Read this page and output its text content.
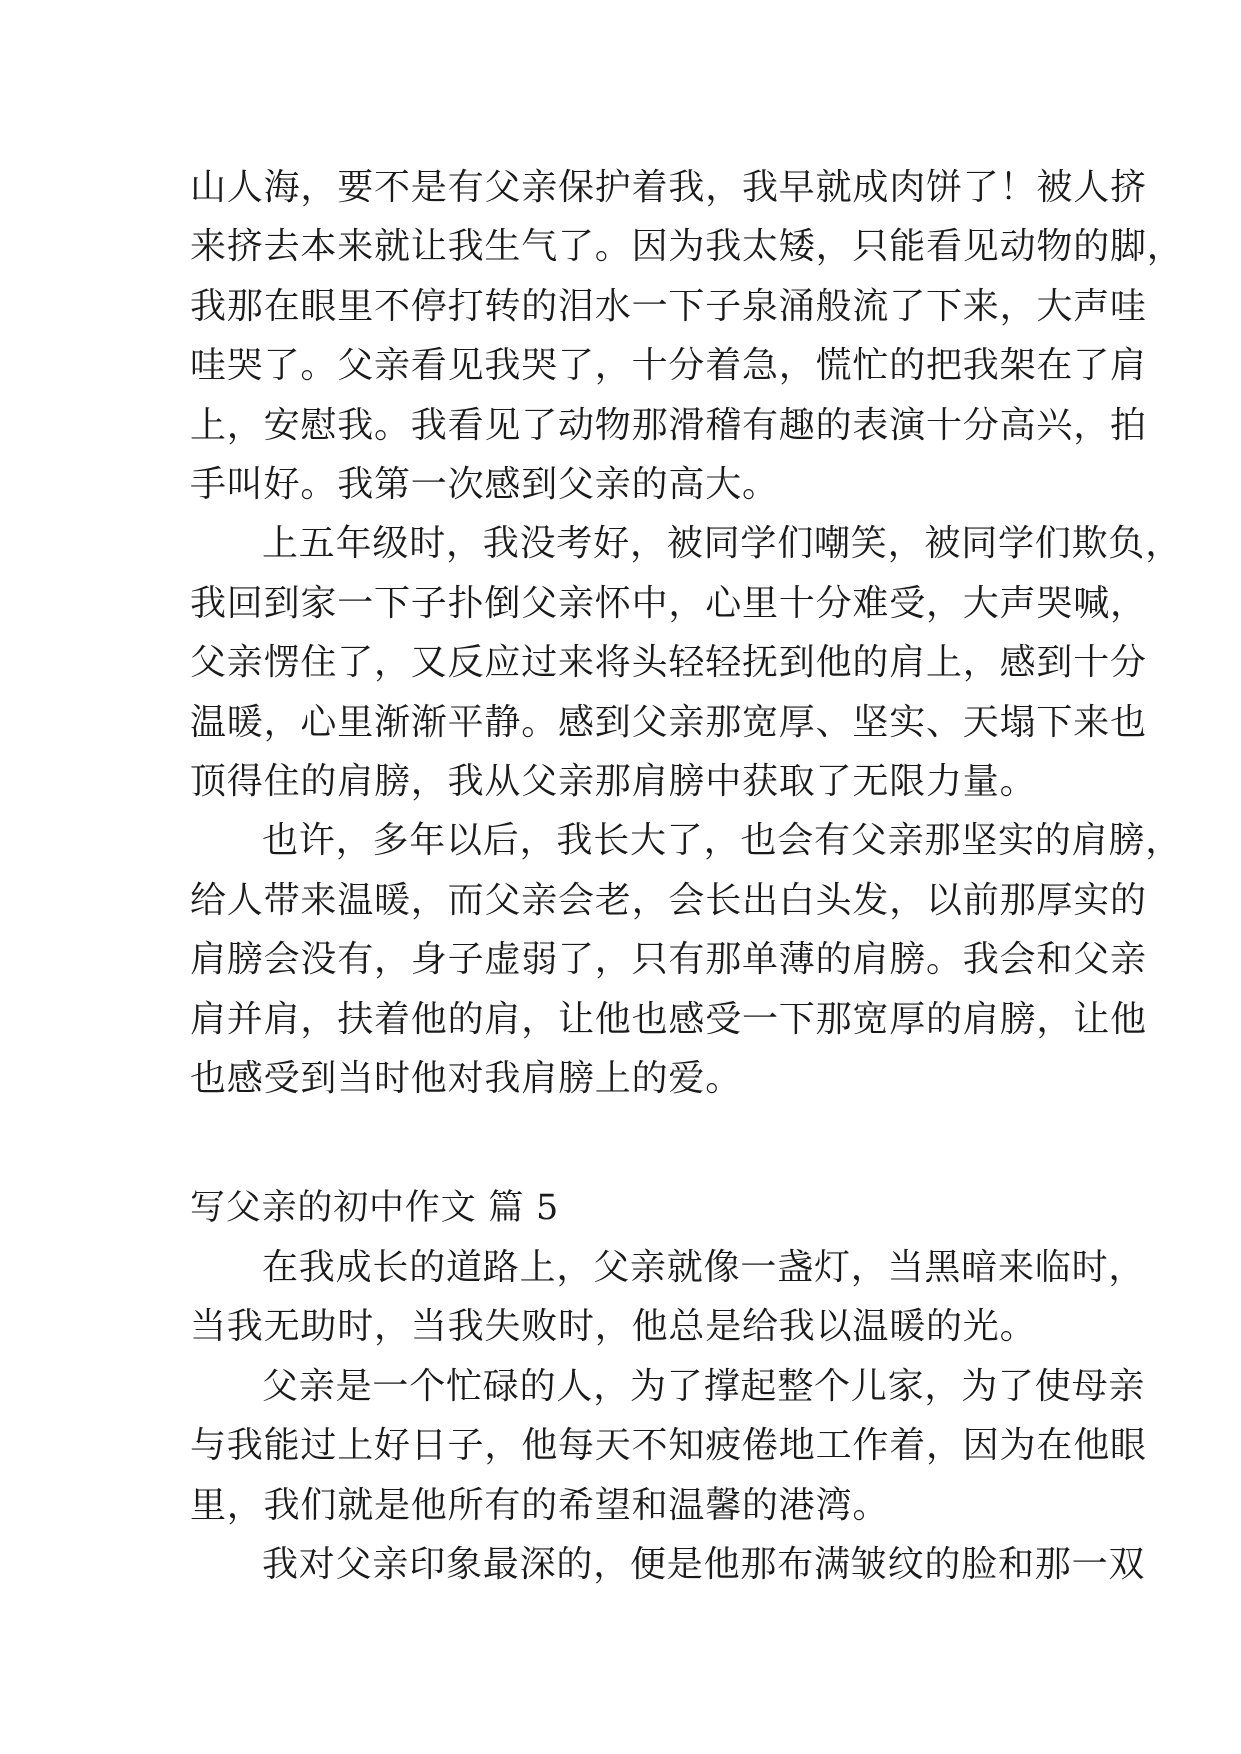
山人海，要不是有父亲保护着我，我早就成肉饼了！被人挤
来挤去本来就让我生气了。因为我太矮，只能看见动物的脚，
我那在眼里不停打转的泪水一下子泉涌般流了下来，大声哇
哇哭了。父亲看见我哭了，十分着急，慌忙的把我架在了肩
上，安慰我。我看见了动物那滑稽有趣的表演十分高兴，拍
手叫好。我第一次感到父亲的高大。
上五年级时，我没考好，被同学们嘲笑，被同学们欺负，
我回到家一下子扑倒父亲怀中，心里十分难受，大声哭喊，
父亲愣住了，又反应过来将头轻轻抚到他的肩上，感到十分
温暖，心里渐渐平静。感到父亲那宽厚、坚实、天塌下来也
顶得住的肩膀，我从父亲那肩膀中获取了无限力量。
也许，多年以后，我长大了，也会有父亲那坚实的肩膀，
给人带来温暖，而父亲会老，会长出白头发，以前那厚实的
肩膀会没有，身子虚弱了，只有那单薄的肩膀。我会和父亲
肩并肩，扶着他的肩，让他也感受一下那宽厚的肩膀，让他
也感受到当时他对我肩膀上的爱。
写父亲的初中作文 篇 5
在我成长的道路上，父亲就像一盏灯，当黑暗来临时，
当我无助时，当我失败时，他总是给我以温暖的光。
父亲是一个忙碌的人，为了撑起整个儿家，为了使母亲
与我能过上好日子，他每天不知疲倦地工作着，因为在他眼
里，我们就是他所有的希望和温馨的港湾。
我对父亲印象最深的，便是他那布满皱纹的脸和那一双
